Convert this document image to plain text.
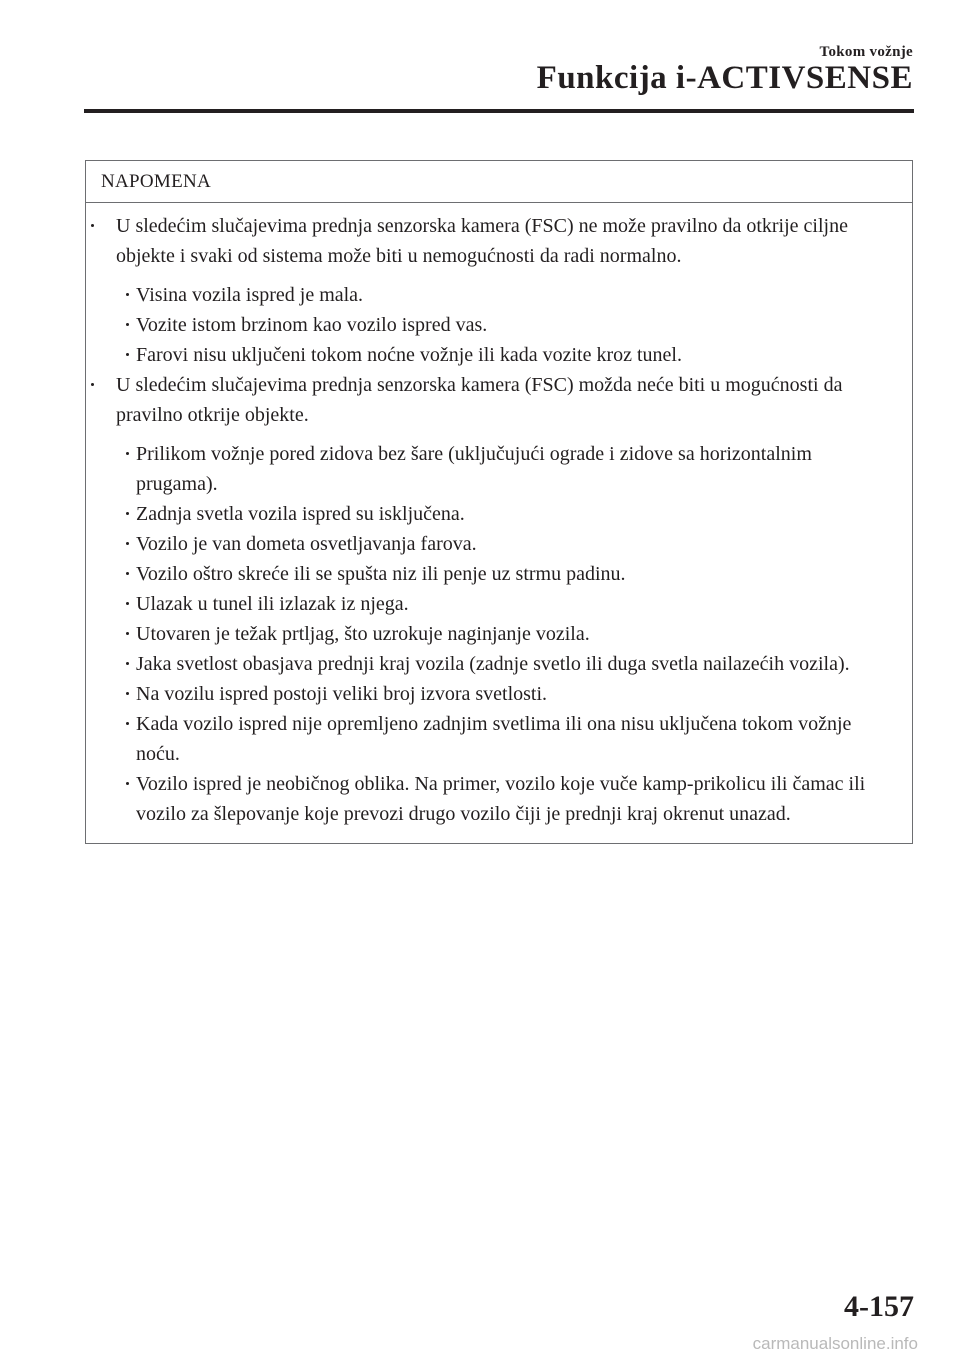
Tokom vožnje
Funkcija i-ACTIVSENSE
NAPOMENA
U sledećim slučajevima prednja senzorska kamera (FSC) ne može pravilno da otkrije ciljne objekte i svaki od sistema može biti u nemogućnosti da radi normalno.
Visina vozila ispred je mala.
Vozite istom brzinom kao vozilo ispred vas.
Farovi nisu uključeni tokom noćne vožnje ili kada vozite kroz tunel.
U sledećim slučajevima prednja senzorska kamera (FSC) možda neće biti u mogućnosti da pravilno otkrije objekte.
Prilikom vožnje pored zidova bez šare (uključujući ograde i zidove sa horizontalnim prugama).
Zadnja svetla vozila ispred su isključena.
Vozilo je van dometa osvetljavanja farova.
Vozilo oštro skreće ili se spušta niz ili penje uz strmu padinu.
Ulazak u tunel ili izlazak iz njega.
Utovaren je težak prtljag, što uzrokuje naginjanje vozila.
Jaka svetlost obasjava prednji kraj vozila (zadnje svetlo ili duga svetla nailazećih vozila).
Na vozilu ispred postoji veliki broj izvora svetlosti.
Kada vozilo ispred nije opremljeno zadnjim svetlima ili ona nisu uključena tokom vožnje noću.
Vozilo ispred je neobičnog oblika. Na primer, vozilo koje vuče kamp-prikolicu ili čamac ili vozilo za šlepovanje koje prevozi drugo vozilo čiji je prednji kraj okrenut unazad.
4-157
carmanualsonline.info
